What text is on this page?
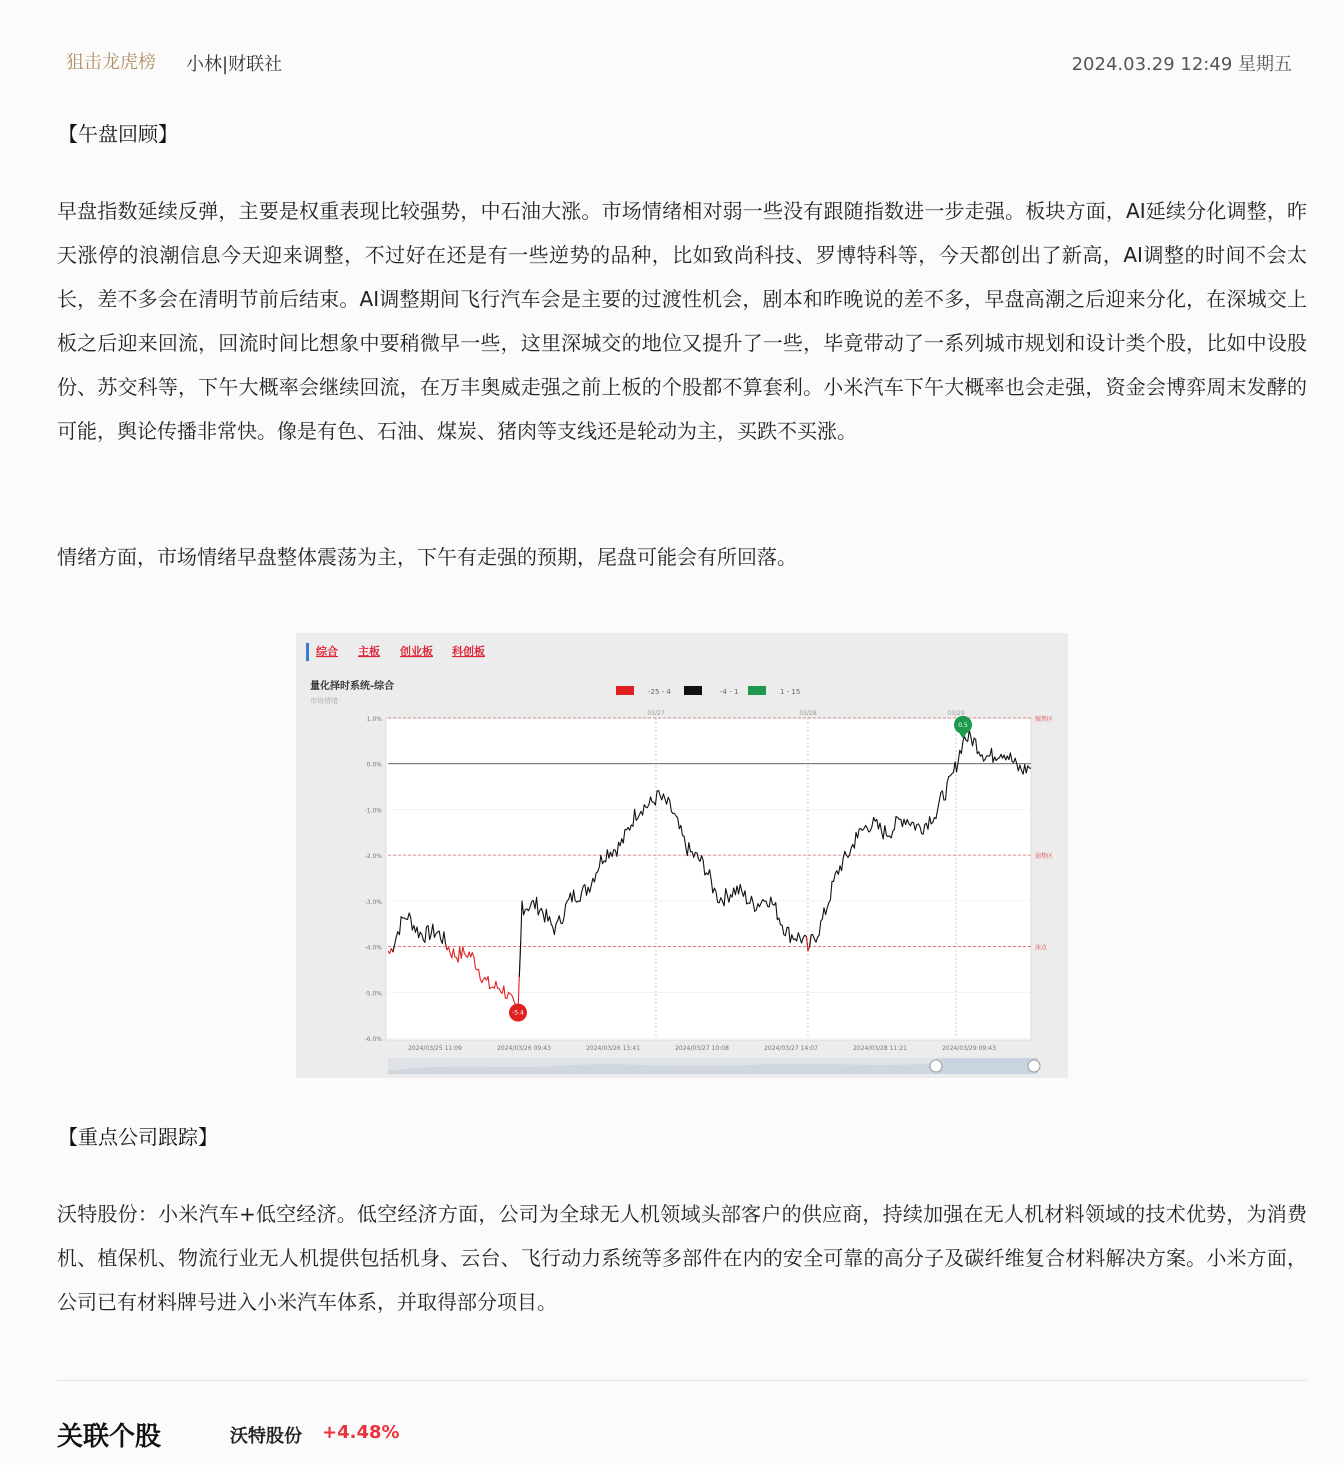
狙击龙虎榜 小林|财联社	2024.03.29 12:49 星期五
【午盘回顾】
早盘指数延续反弹，主要是权重表现比较强势，中石油大涨。市场情绪相对弱一些没有跟随指数进一步走强。板块方面，AI延续分化调整，昨天涨停的浪潮信息今天迎来调整，不过好在还是有一些逆势的品种，比如致尚科技、罗博特科等，今天都创出了新高，AI调整的时间不会太长，差不多会在清明节前后结束。AI调整期间飞行汽车会是主要的过渡性机会，剧本和昨晚说的差不多，早盘高潮之后迎来分化，在深城交上板之后迎来回流，回流时间比想象中要稍微早一些，这里深城交的地位又提升了一些，毕竟带动了一系列城市规划和设计类个股，比如中设股份、苏交科等，下午大概率会继续回流，在万丰奥威走强之前上板的个股都不算套利。小米汽车下午大概率也会走强，资金会博弈周末发酵的可能，舆论传播非常快。像是有色、石油、煤炭、猪肉等支线还是轮动为主，买跌不买涨。
情绪方面，市场情绪早盘整体震荡为主，下午有走强的预期，尾盘可能会有所回落。
综合 主板 创业板 科创板
量化择时系统-综合
市场情绪
-25 - 4	-4 - 1	1 - 15
1.0%
0.0%
-1.0%
-2.0%
-3.0%
-4.0%
-5.0%
-6.0%
2024/03/25 11:09	2024/03/26 09:43	2024/03/26 13:41	2024/03/27 10:08	2024/03/27 14:07	2024/03/28 11:21	2024/03/29 09:43
03/27	03/28	03/29
强势区
弱势区
冰点
-5.4
0.5
【重点公司跟踪】
沃特股份：小米汽车+低空经济。低空经济方面，公司为全球无人机领域头部客户的供应商，持续加强在无人机材料领域的技术优势，为消费机、植保机、物流行业无人机提供包括机身、云台、飞行动力系统等多部件在内的安全可靠的高分子及碳纤维复合材料解决方案。小米方面，公司已有材料牌号进入小米汽车体系，并取得部分项目。
关联个股	沃特股份 +4.48%
